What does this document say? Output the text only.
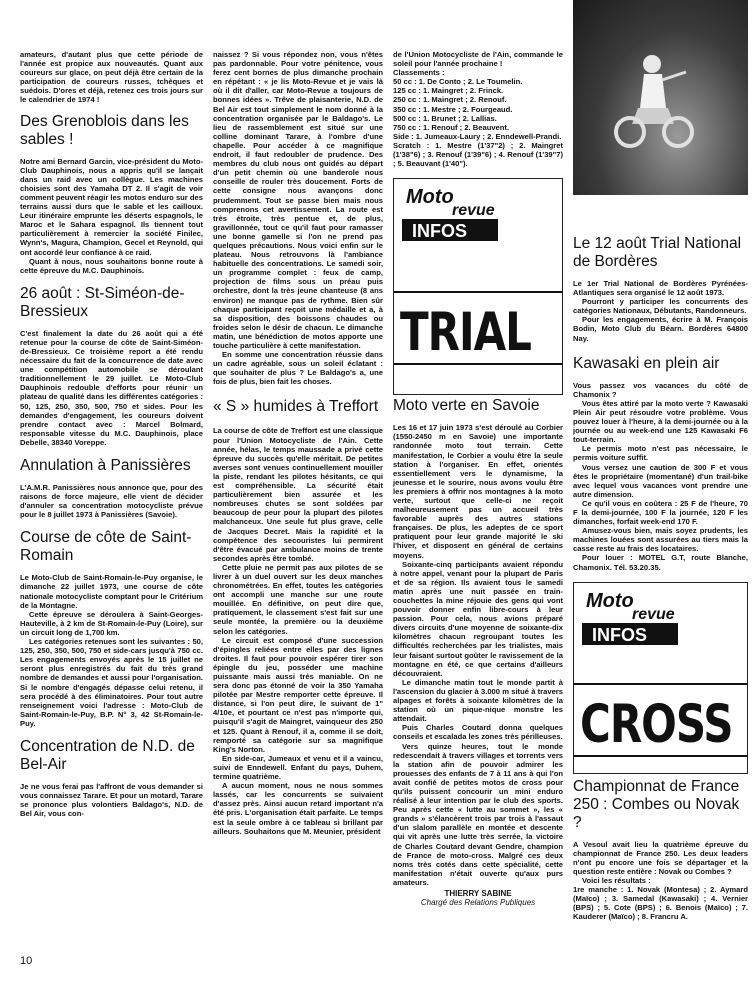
amateurs, d'autant plus que cette période de l'année est propice aux nouveautés. Quant aux coureurs sur glace, on peut déjà être certain de la participation de coureurs russes, tchèques et suédois. D'ores et déjà, retenez ces trois jours sur le calendrier de 1974 !

Des Grenoblois dans les sables !

Notre ami Bernard Garcin, vice-président du Moto-Club Dauphinois, nous a appris qu'il se lançait dans un raid avec un collègue. Les machines choisies sont des Yamaha DT 2. Il s'agit de voir comment peuvent réagir les motos enduro sur des terrains aussi durs que le sable et les cailloux. Leur itinéraire emprunte les déserts espagnols, le Maroc et le Sahara espagnol. Ils tiennent tout particulièrement à remercier la société Finilec, Wynn's, Magura, Champion, Gecel et Reynold, qui ont accordé leur confiance à ce raid.

Quant à nous, nous souhaitons bonne route à cette épreuve du M.C. Dauphinois.

26 août : St-Siméon-de-Bressieux

C'est finalement la date du 26 août qui a été retenue pour la course de côte de Saint-Siméon-de-Bressieux. Ce troisième report a été rendu nécessaire du fait de la concurrence de date avec une compétition automobile se déroulant traditionnellement le 29 juillet. Le Moto-Club Dauphinois redouble d'efforts pour réunir un plateau de qualité dans les différentes catégories : 50, 125, 250, 350, 500, 750 et sides. Pour les demandes d'engagement, les coureurs doivent prendre contact avec : Marcel Bolmard, responsable vitesse du M.C. Dauphinois, place Debelle, 38340 Voreppe.

Annulation à Panissières

L'A.M.R. Panissières nous annonce que, pour des raisons de force majeure, elle vient de décider d'annuler sa concentration motocycliste prévue pour le 8 juillet 1973 à Panissières (Savoie).

Course de côte de Saint-Romain

Le Moto-Club de Saint-Romain-le-Puy organise, le dimanche 22 juillet 1973, une course de côte nationale motocycliste comptant pour le Critérium de la Montagne.

Cette épreuve se déroulera à Saint-Georges-Hauteville, à 2 km de St-Romain-le-Puy (Loire), sur un circuit long de 1,700 km.

Les catégories retenues sont les suivantes : 50, 125, 250, 350, 500, 750 et side-cars jusqu'à 750 cc. Les engagements envoyés après le 15 juillet ne seront plus enregistrés du fait du très grand nombre de demandes et aussi pour l'organisation. Si le nombre d'engagés dépasse celui retenu, il sera procédé à des éliminatoires. Pour tout autre renseignement voici l'adresse : Moto-Club de Saint-Romain-le-Puy, B.P. N° 3, 42 St-Romain-le-Puy.

Concentration de N.D. de Bel-Air

Je ne vous ferai pas l'affront de vous demander si vous connaissez Tarare. Et pour un motard, Tarare se prononce plus volontiers Baldago's, N.D. de Bel Air, vous con-

naissez ? Si vous répondez non, vous n'êtes pas pardonnable. Pour votre pénitence, vous ferez cent bornes de plus dimanche prochain en répétant : « je lis Moto-Revue et je vais là où il dit d'aller, car Moto-Revue a toujours de bonnes idées ». Trêve de plaisanterie, N.D. de Bel Air est tout simplement le nom donné à la concentration organisée par le Baldago's. Le lieu de rassemblement est situé sur une colline dominant Tarare, à l'ombre d'une chapelle. Pour accéder à ce magnifique endroit, il faut redoubler de prudence. Des membres du club nous ont guidés au départ d'un petit chemin où une banderole nous conseille de rouler très doucement. Forts de cette consigne nous avançons donc prudemment. Tout se passe bien mais nous comprenons cet avertissement. La route est très étroite, très pentue et, de plus, gravillonnée, tout ce qu'il faut pour ramasser une bonne gamelle si l'on ne prend pas quelques précautions. Nous voici enfin sur le plateau. Nous retrouvons là l'ambiance habituelle des concentrations. Le samedi soir, un programme complet : feux de camp, projection de films sous un préau puis orchestre, dont la très jeune chanteuse (8 ans environ) ne manque pas de rythme. Bien sûr chaque participant reçoit une médaille et a, à sa disposition, des boissons chaudes ou froides selon le désir de chacun. Le dimanche matin, une bénédiction de motos apporte une touche particulière à cette manifestation.

En somme une concentration réussie dans un cadre agréable, sous un soleil éclatant : que souhaiter de plus ? Le Baldago's a, une fois de plus, bien fait les choses.

« S » humides à Treffort

La course de côte de Treffort est une classique pour l'Union Motocycliste de l'Ain. Cette année, hélas, le temps maussade a privé cette épreuve du succès qu'elle méritait. De petites averses sont venues continuellement mouiller la piste, rendant les pilotes hésitants, ce qui est compréhensible. La sécurité était particulièrement bien assurée et les nombreuses chutes se sont soldées par beaucoup de peur pour la plupart des pilotes malchanceux. Une seule fut plus grave, celle de Jacques Decret. Mais la rapidité et la compétence des secouristes lui permirent d'être évacué par ambulance moins de trente secondes après être tombé.

Cette pluie ne permit pas aux pilotes de se livrer à un duel ouvert sur les deux manches chronométrées. En effet, toutes les catégories ont accompli une manche sur une route mouillée. En définitive, on peut dire que, pratiquement, le classement s'est fait sur une seule montée, la première ou la deuxième selon les catégories.

Le circuit est composé d'une succession d'épingles reliées entre elles par des lignes droites. Il faut pour pouvoir espérer tirer son épingle du jeu, posséder une machine puissante mais aussi très maniable. On ne sera donc pas étonné de voir la 350 Yamaha pilotée par Mestre remporter cette épreuve. Il distance, si l'on peut dire, le suivant de 1" 4/10e, et pourtant ce n'est pas n'importe qui, puisqu'il s'agit de Maingret, vainqueur des 250 et 125. Quant à Renouf, il a, comme il se doit, remporté sa catégorie sur sa magnifique King's Norton.

En side-car, Jumeaux et venu et il a vaincu, suivi de Enndewell. Enfant du pays, Duhem, termine quatrième.

A aucun moment, nous ne nous sommes lassés, car les concurrents se suivaient d'assez près. Ainsi aucun retard important n'a été pris. L'organisation était parfaite. Le temps est la seule ombre à ce tableau si brillant par ailleurs. Souhaitons que M. Meunier, président

de l'Union Motocycliste de l'Ain, commande le soleil pour l'année prochaine !

Classements :

50 cc : 1. De Conto ; 2. Le Toumelin.

125 cc : 1. Maingret ; 2. Frinck.

250 cc : 1. Maingret ; 2. Renouf.

350 cc : 1. Mestre ; 2. Fourgeaud.

500 cc : 1. Brunet ; 2. Lallias.

750 cc : 1. Renouf ; 2. Beauvent.

Side : 1. Jumeaux-Laury ; 2. Enndewell-Prandi.

Scratch : 1. Mestre (1'37"2) ; 2. Maingret (1'38"6) ; 3. Renouf (1'39"6) ; 4. Renouf (1'39"7) ; 5. Beauvant (1'40").

Moto
revue
INFOS
TRIAL
Moto verte en Savoie

Les 16 et 17 juin 1973 s'est déroulé au Corbier (1550-2450 m en Savoie) une importante randonnée moto tout terrain. Cette manifestation, le Corbier a voulu être la seule station à l'organiser. En effet, orientés essentiellement vers le dynamisme, la jeunesse et le sourire, nous avons voulu être les premiers à offrir nos montagnes à la moto verte, surtout que celle-ci ne reçoit malheureusement pas un accueil très favorable auprès des autres stations françaises. De plus, les adeptes de ce sport pratiquent pour leur grande majorité le ski l'hiver, et disposent en général de certains moyens.

Soixante-cinq participants avaient répondu à notre appel, venant pour la plupart de Paris et de sa région. Ils avaient tous le samedi matin après une nuit passée en train-couchettes la mine réjouie des gens qui vont pouvoir donner enfin libre-cours à leur passion. Pour cela, nous avions préparé divers circuits d'une moyenne de soixante-dix kilomètres chacun regroupant toutes les difficultés recherchées par les trialistes, mais leur faisant surtout goûter le ravissement de la montagne en été, ce que certains d'ailleurs découvraient.

Le dimanche matin tout le monde partit à l'ascension du glacier à 3.000 m situé à travers alpages et forêts à soixante kilomètres de la station où un pique-nique monstre les attendait.

Puis Charles Coutard donna quelques conseils et escalada les zones très périlleuses.

Vers quinze heures, tout le monde redescendait à travers villages et torrents vers la station afin de pouvoir admirer les prouesses des enfants de 7 à 11 ans à qui l'on avait confié de petites motos de cross pour qu'ils puissent concourir un mini enduro réalisé à leur intention par le club des sports. Peu après cette « lutte au sommet », les « grands » s'élancèrent trois par trois à l'assaut d'un slalom parallèle en montée et descente qui vit après une lutte très serrée, la victoire de Charles Coutard devant Gendre, champion de France de moto-cross. Malgré ces deux noms très cotés dans cette spécialité, cette manifestation n'était ouverte qu'aux purs amateurs.

THIERRY SABINE
Chargé des Relations Publiques
Le 12 août Trial National de Bordères

Le 1er Trial National de Bordères Pyrénées-Atlantiques sera organisé le 12 août 1973.

Pourront y participer les concurrents des catégories Nationaux, Débutants, Randonneurs.

Pour les engagements, écrire à M. François Bodin, Moto Club du Béarn. Bordères 64800 Nay.

Kawasaki en plein air

Vous passez vos vacances du côté de Chamonix ?

Vous êtes attiré par la moto verte ? Kawasaki Plein Air peut résoudre votre problème. Vous pouvez louer à l'heure, à la demi-journée ou à la journée ou au week-end une 125 Kawasaki F6 tout-terrain.

Le permis moto n'est pas nécessaire, le permis voiture suffit.

Vous versez une caution de 300 F et vous êtes le propriétaire (momentané) d'un trail-bike avec lequel vous vacances vont prendre une autre dimension.

Ce qu'il vous en coûtera : 25 F de l'heure, 70 F la demi-journée, 100 F la journée, 120 F les dimanches, forfait week-end 170 F.

Amusez-vous bien, mais soyez prudents, les machines louées sont assurées au tiers mais la casse reste au frais des locataires.

Pour louer : MOTEL G.T, route Blanche, Chamonix. Tél. 53.20.35.

Moto
revue
INFOS
CROSS
Championnat de France 250 : Combes ou Novak ?

A Vesoul avait lieu la quatrième épreuve du championnat de France 250. Les deux leaders n'ont pu encore une fois se départager et la question reste entière : Novak ou Combes ?

Voici les résultats :

1re manche : 1. Novak (Montesa) ; 2. Aymard (Maïco) ; 3. Samedal (Kawasaki) ; 4. Vernier (BPS) ; 5. Cote (BPS) ; 6. Benois (Maïco) ; 7. Kauderer (Maïco) ; 8. Francru A.

10
